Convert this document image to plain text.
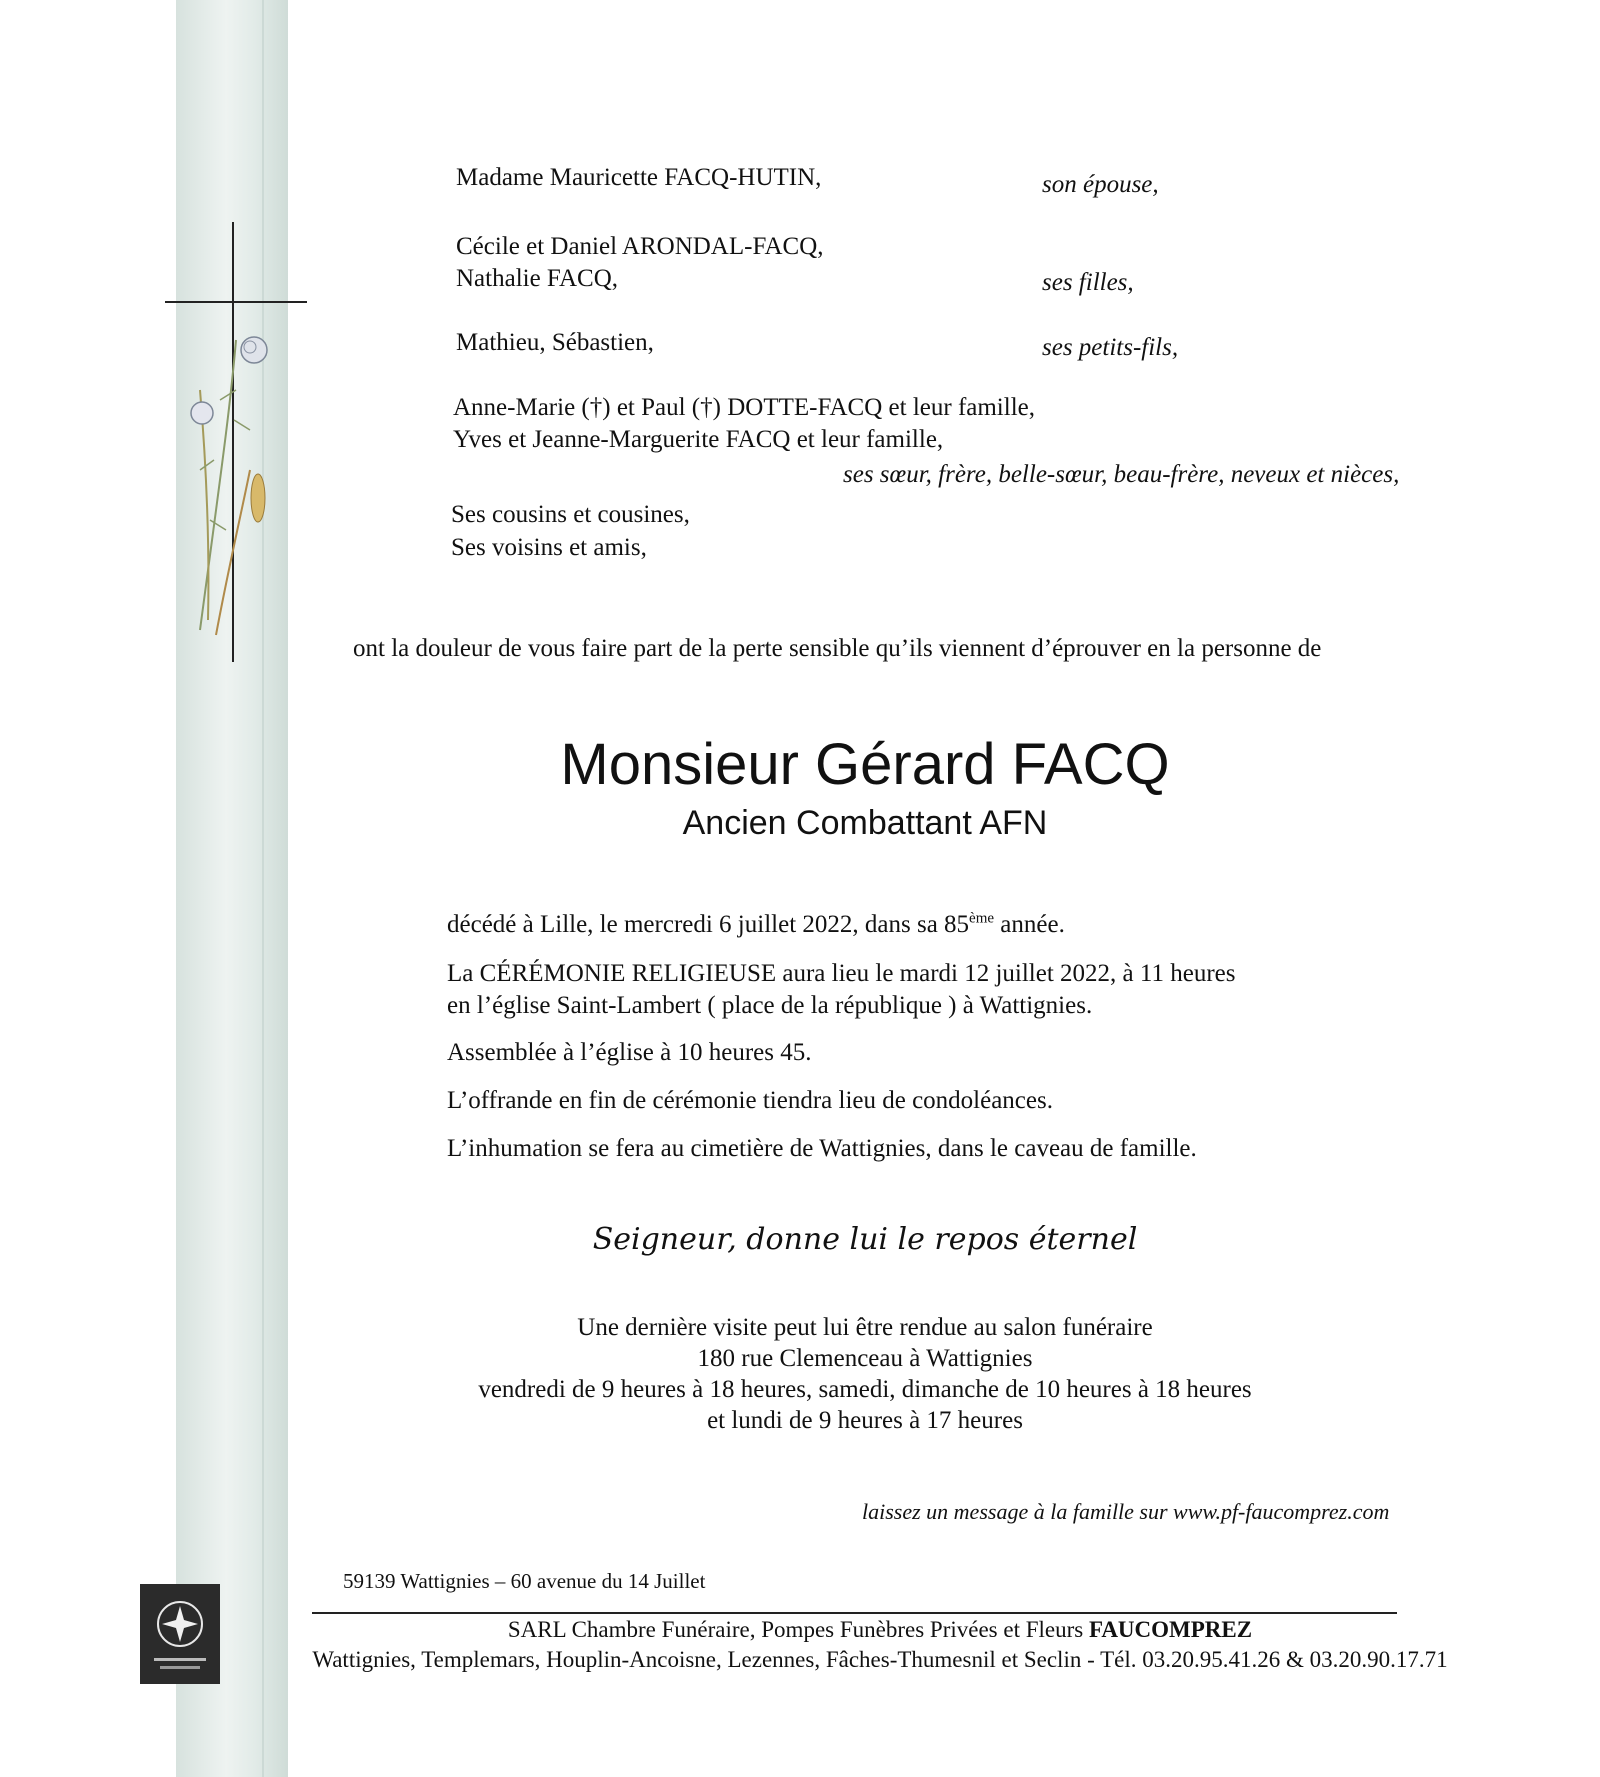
Madame Mauricette FACQ-HUTIN,	son épouse,
Cécile et Daniel ARONDAL-FACQ,
Nathalie FACQ,	ses filles,
Mathieu, Sébastien,	ses petits-fils,
Anne-Marie (†) et Paul (†) DOTTE-FACQ et leur famille,
Yves et Jeanne-Marguerite FACQ et leur famille,
ses sœur, frère, belle-sœur, beau-frère, neveux et nièces,
Ses cousins et cousines,
Ses voisins et amis,
ont la douleur de vous faire part de la perte sensible qu’ils viennent d’éprouver en la personne de
Monsieur Gérard FACQ
Ancien Combattant AFN
décédé à Lille, le mercredi 6 juillet 2022, dans sa 85ème année.
La CÉRÉMONIE RELIGIEUSE aura lieu le mardi 12 juillet 2022, à 11 heures
en l’église Saint-Lambert ( place de la république ) à Wattignies.
Assemblée à l’église à 10 heures 45.
L’offrande en fin de cérémonie tiendra lieu de condoléances.
L’inhumation se fera au cimetière de Wattignies, dans le caveau de famille.
Seigneur, donne lui le repos éternel
Une dernière visite peut lui être rendue au salon funéraire
180 rue Clemenceau à Wattignies
vendredi de 9 heures à 18 heures, samedi, dimanche de 10 heures à 18 heures
et lundi de 9 heures à 17 heures
laissez un message à la famille sur www.pf-faucomprez.com
59139 Wattignies – 60 avenue du 14 Juillet
SARL Chambre Funéraire, Pompes Funèbres Privées et Fleurs FAUCOMPREZ
Wattignies, Templemars, Houplin-Ancoisne, Lezennes, Fâches-Thumesnil et Seclin - Tél. 03.20.95.41.26 & 03.20.90.17.71
